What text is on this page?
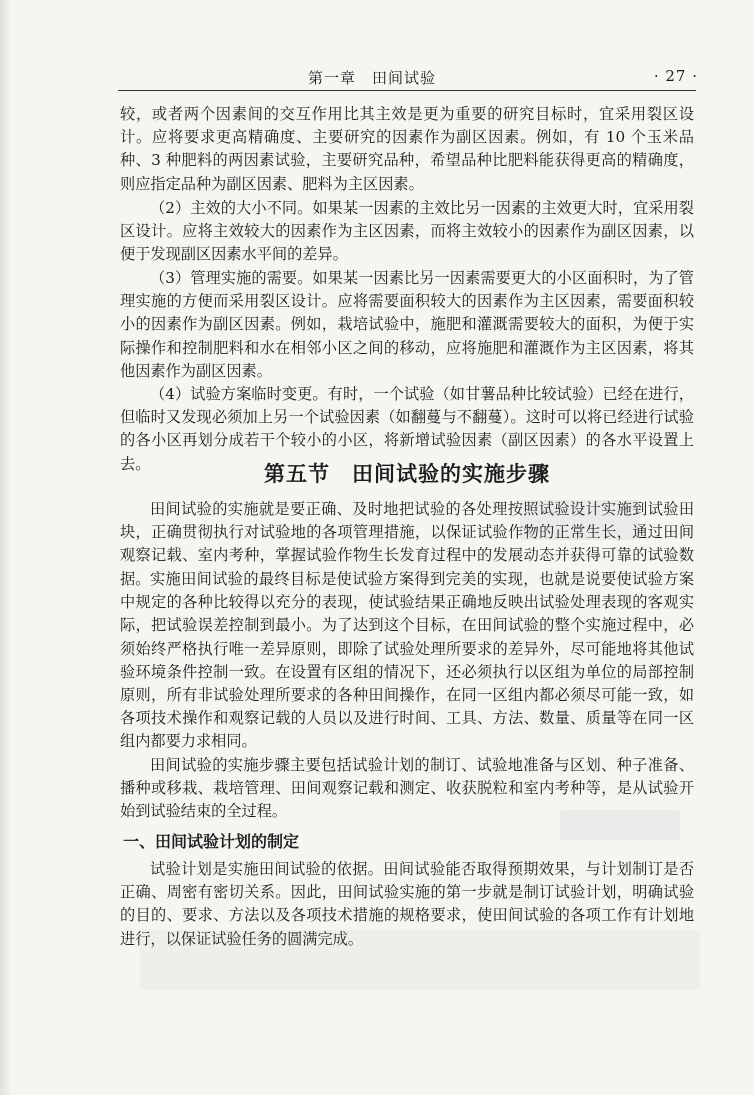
第一章　田间试验	· 27 ·

较，或者两个因素间的交互作用比其主效是更为重要的研究目标时，宜采用裂区设计。应将要求更高精确度、主要研究的因素作为副区因素。例如，有 10 个玉米品种、3 种肥料的两因素试验，主要研究品种，希望品种比肥料能获得更高的精确度，则应指定品种为副区因素、肥料为主区因素。

（2）主效的大小不同。如果某一因素的主效比另一因素的主效更大时，宜采用裂区设计。应将主效较大的因素作为主区因素，而将主效较小的因素作为副区因素，以便于发现副区因素水平间的差异。

（3）管理实施的需要。如果某一因素比另一因素需要更大的小区面积时，为了管理实施的方便而采用裂区设计。应将需要面积较大的因素作为主区因素，需要面积较小的因素作为副区因素。例如，栽培试验中，施肥和灌溉需要较大的面积，为便于实际操作和控制肥料和水在相邻小区之间的移动，应将施肥和灌溉作为主区因素，将其他因素作为副区因素。

（4）试验方案临时变更。有时，一个试验（如甘薯品种比较试验）已经在进行，但临时又发现必须加上另一个试验因素（如翻蔓与不翻蔓）。这时可以将已经进行试验的各小区再划分成若干个较小的小区，将新增试验因素（副区因素）的各水平设置上去。	第五节　田间试验的实施步骤

田间试验的实施就是要正确、及时地把试验的各处理按照试验设计实施到试验田块，正确贯彻执行对试验地的各项管理措施，以保证试验作物的正常生长，通过田间观察记载、室内考种，掌握试验作物生长发育过程中的发展动态并获得可靠的试验数据。 实施田间试验的最终目标是使试验方案得到完美的实现，也就是说要使试验方案中规定的各种比较得以充分的表现，使试验结果正确地反映出试验处理表现的客观实际，把试验误差控制到最小。为了达到这个目标，在田间试验的整个实施过程中，必须始终严格执行唯一差异原则，即除了试验处理所要求的差异外，尽可能地将其他试验环境条件控制一致。在设置有区组的情况下，还必须执行以区组为单位的局部控制原则，所有非试验处理所要求的各种田间操作，在同一区组内都必须尽可能一致，如各项技术操作和观察记载的人员以及进行时间、工具、方法、数量、质量等在同一区组内都要力求相同。

田间试验的实施步骤主要包括试验计划的制订、试验地准备与区划、种子准备、播种或移栽、栽培管理、田间观察记载和测定、收获脱粒和室内考种等，是从试验开始到试验结束的全过程。

一、田间试验计划的制定

试验计划是实施田间试验的依据。田间试验能否取得预期效果，与计划制订是否正确、周密有密切关系。因此，田间试验实施的第一步就是制订试验计划，明确试验的目的、要求、方法以及各项技术措施的规格要求，使田间试验的各项工作有计划地进行，以保证试验任务的圆满完成。
